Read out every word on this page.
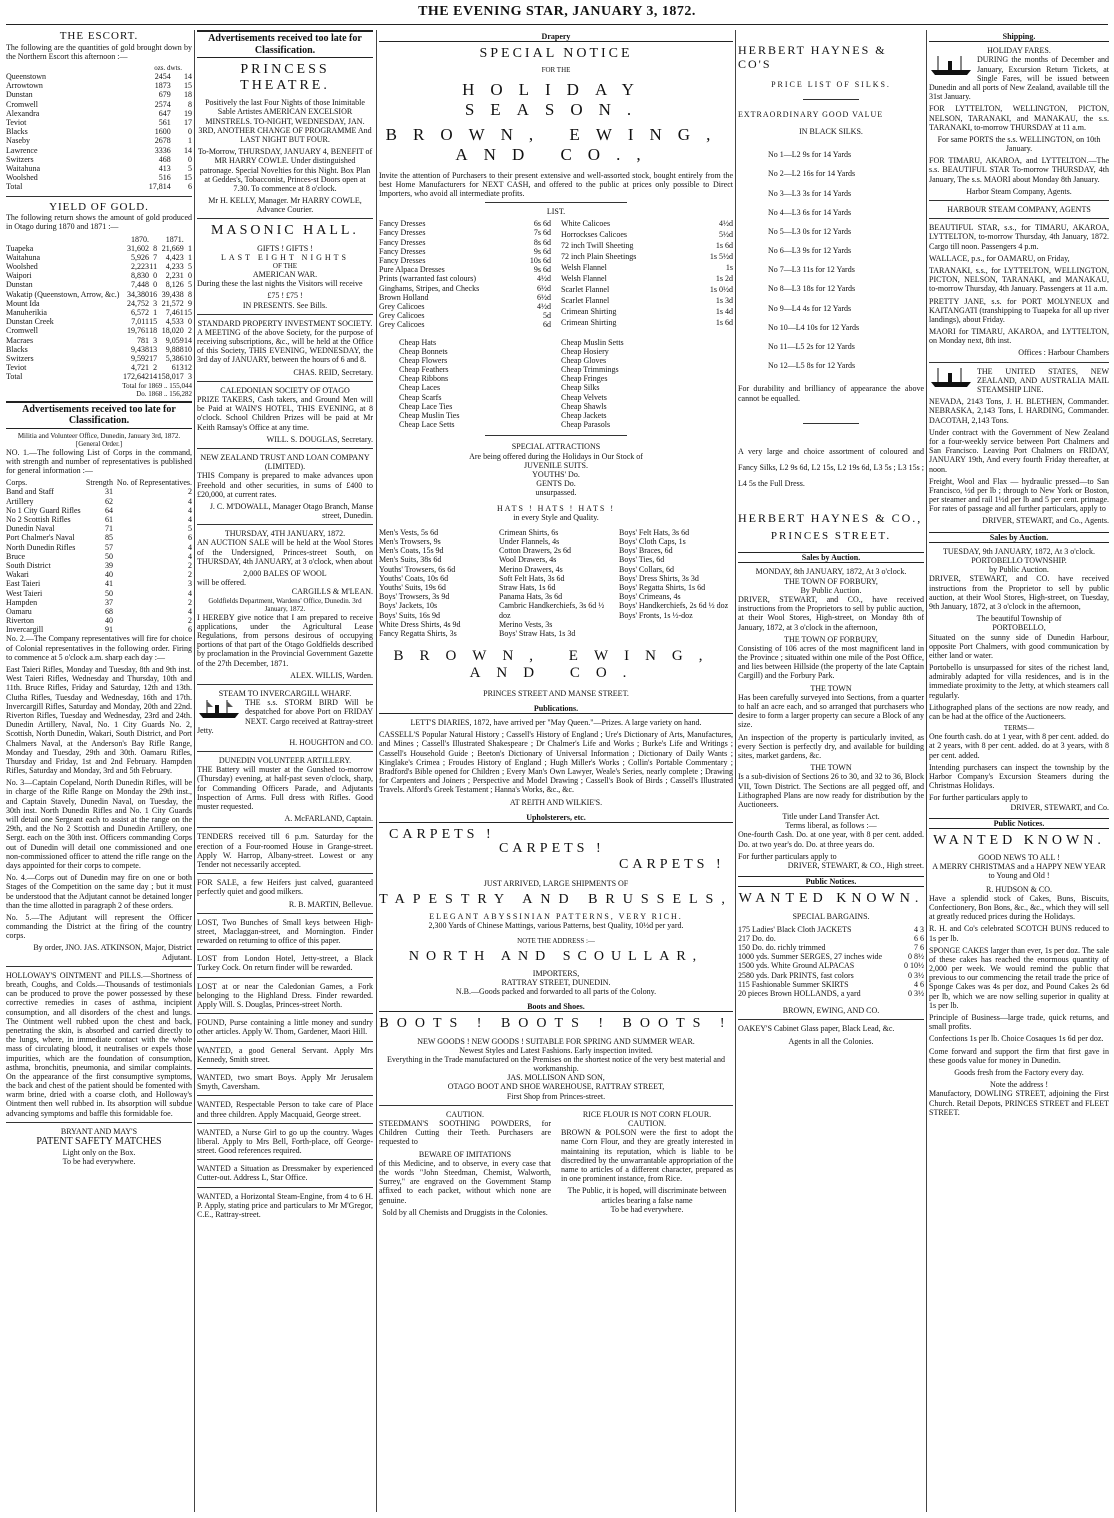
THE EVENING STAR, JANUARY 3, 1872.
THE ESCORT.

The following are the quantities of gold brought down by the Northern Escort this afternoon :—

ozs. dwts.
Queenstown	2454	14
Arrowtown	1873	15
Dunstan	679	18
Cromwell	2574	8
Alexandra	647	19
Teviot	561	17
Blacks	1600	0
Naseby	2678	1
Lawrence	3336	14
Switzers	468	0
Waitahuna	413	5
Woolshed	516	15
Total	17,814	6
YIELD OF GOLD.

The following return shows the amount of gold produced in Otago during 1870 and 1871 :—

	1870.		1871.	
Tuapeka	31,602	8	21,669	1
Waitahuna	5,926	7	4,423	1
Woolshed	2,223	11	4,233	5
Waipori	8,830	0	2,231	0
Dunstan	7,448	0	8,126	5
Wakatip (Queenstown, Arrow, &c.)	34,380	16	39,438	8
Mount Ida	24,752	3	21,572	9
Manuherikia	6,572	1	7,461	15
Dunstan Creek	7,011	15	4,533	0
Cromwell	19,761	18	18,020	2
Macraes	781	3	9,059	14
Blacks	9,438	13	9,888	10
Switzers	9,592	17	5,386	10
Teviot	4,721	2	613	12
Total	172,642	14	158,017	3
Total for 1869 .. 155,044
Do. 1868 .. 156,282
Advertisements received too late for Classification.
Militia and Volunteer Office, Dunedin, January 3rd, 1872. [General Order.]

NO. 1.—The following List of Corps in the command, with strength and number of representatives is published for general information :—

Corps.	Strength	No. of Representatives.
Band and Staff	31	2
Artillery	62	4
No 1 City Guard Rifles	64	4
No 2 Scottish Rifles	61	4
Dunedin Naval	71	5
Port Chalmer's Naval	85	6
North Dunedin Rifles	57	4
Bruce	50	4
South District	39	2
Wakari	40	2
East Taieri	41	3
West Taieri	50	4
Hampden	37	2
Oamaru	68	4
Riverton	40	2
Invercargill	91	6

No. 2.—The Company representatives will fire for choice of Colonial representatives in the following order. Firing to commence at 5 o'clock a.m. sharp each day :—

East Taieri Rifles, Monday and Tuesday, 8th and 9th inst. West Taieri Rifles, Wednesday and Thursday, 10th and 11th. Bruce Rifles, Friday and Saturday, 12th and 13th. Clutha Rifles, Tuesday and Wednesday, 16th and 17th. Invercargill Rifles, Saturday and Monday, 20th and 22nd. Riverton Rifles, Tuesday and Wednesday, 23rd and 24th. Dunedin Artillery, Naval, No. 1 City Guards No. 2, Scottish, North Dunedin, Wakari, South District, and Port Chalmers Naval, at the Anderson's Bay Rifle Range, Monday and Tuesday, 29th and 30th. Oamaru Rifles, Thursday and Friday, 1st and 2nd February. Hampden Rifles, Saturday and Monday, 3rd and 5th February.

No. 3—Captain Copeland, North Dunedin Rifles, will be in charge of the Rifle Range on Monday the 29th inst., and Captain Stavely, Dunedin Naval, on Tuesday, the 30th inst. North Dunedin Rifles and No. 1 City Guards will detail one Sergeant each to assist at the range on the 29th, and the No 2 Scottish and Dunedin Artillery, one Sergt. each on the 30th inst. Officers commanding Corps out of Dunedin will detail one commissioned and one non-commissioned officer to attend the rifle range on the days appointed for their corps to compete.

No. 4.—Corps out of Dunedin may fire on one or both Stages of the Competition on the same day ; but it must be understood that the Adjutant cannot be detained longer than the time allotted in paragraph 2 of these orders.

No. 5.—The Adjutant will represent the Officer commanding the District at the firing of the country corps.

By order, JNO. JAS. ATKINSON, Major, District Adjutant.

HOLLOWAY'S OINTMENT and PILLS.—Shortness of breath, Coughs, and Colds.—Thousands of testimonials can be produced to prove the power possessed by these corrective remedies in cases of asthma, incipient consumption, and all disorders of the chest and lungs. The Ointment well rubbed upon the chest and back, penetrating the skin, is absorbed and carried directly to the lungs, where, in immediate contact with the whole mass of circulating blood, it neutralises or expels those impurities, which are the foundation of consumption, asthma, bronchitis, pneumonia, and similar complaints. On the appearance of the first consumptive symptoms, the back and chest of the patient should be fomented with warm brine, dried with a coarse cloth, and Holloway's Ointment then well rubbed in. Its absorption will subdue advancing symptoms and baffle this formidable foe.

BRYANT AND MAY'S
PATENT SAFETY MATCHES
Light only on the Box.
To be had everywhere.
Advertisements received too late for Classification.
PRINCESS THEATRE.

Positively the last Four Nights of those Inimitable Sable Artistes AMERICAN EXCELSIOR MINSTRELS. TO-NIGHT, WEDNESDAY, JAN. 3RD, ANOTHER CHANGE OF PROGRAMME And LAST NIGHT BUT FOUR.

To-Morrow, THURSDAY, JANUARY 4, BENEFIT of MR HARRY COWLE. Under distinguished patronage. Special Novelties for this Night. Box Plan at Geddes's, Tobacconist, Princes-st Doors open at 7.30. To commence at 8 o'clock.

Mr H. KELLY, Manager. Mr HARRY COWLE, Advance Courier.
MASONIC HALL.
GIFTS ! GIFTS !
LAST EIGHT NIGHTS
OF THE
AMERICAN WAR.

During these the last nights the Visitors will receive

£75 ! £75 !
IN PRESENTS. See Bills.
STANDARD PROPERTY INVESTMENT SOCIETY.

A MEETING of the above Society, for the purpose of receiving subscriptions, &c., will be held at the Office of this Society, THIS EVENING, WEDNESDAY, the 3rd day of JANUARY, between the hours of 6 and 8.

CHAS. REID, Secretary.
CALEDONIAN SOCIETY OF OTAGO

PRIZE TAKERS, Cash takers, and Ground Men will be Paid at WAIN'S HOTEL, THIS EVENING, at 8 o'clock. School Children Prizes will be paid at Mr Keith Ramsay's Office at any time.

WILL. S. DOUGLAS, Secretary.
NEW ZEALAND TRUST AND LOAN COMPANY (LIMITED).

THIS Company is prepared to make advances upon Freehold and other securities, in sums of £400 to £20,000, at current rates.

J. C. M'DOWALL, Manager Otago Branch, Manse street, Dunedin.
THURSDAY, 4TH JANUARY, 1872.

AN AUCTION SALE will be held at the Wool Stores of the Undersigned, Princes-street South, on THURSDAY, 4th JANUARY, at 3 o'clock, when about

2,000 BALES OF WOOL
will be offered.
CARGILLS & M'LEAN.
Goldfields Department, Wardens' Office, Dunedin. 3rd January, 1872.

I HEREBY give notice that I am prepared to receive applications, under the Agricultural Lease Regulations, from persons desirous of occupying portions of that part of the Otago Goldfields described by proclamation in the Provincial Government Gazette of the 27th December, 1871.

ALEX. WILLIS, Warden.
STEAM TO INVERCARGILL WHARF.

THE s.s. STORM BIRD Will be despatched for above Port on FRIDAY NEXT. Cargo received at Rattray-street Jetty.

H. HOUGHTON and CO.
DUNEDIN VOLUNTEER ARTILLERY.

THE Battery will muster at the Gunshed to-morrow (Thursday) evening, at half-past seven o'clock, sharp, for Commanding Officers Parade, and Adjutants Inspection of Arms. Full dress with Rifles. Good muster requested.

A. McFARLAND, Captain.

TENDERS received till 6 p.m. Saturday for the erection of a Four-roomed House in Grange-street. Apply W. Harrop, Albany-street. Lowest or any Tender not necessarily accepted.

FOR SALE, a few Heifers just calved, guaranteed perfectly quiet and good milkers.

R. B. MARTIN, Bellevue.

LOST, Two Bunches of Small keys between High-street, Maclaggan-street, and Mornington. Finder rewarded on returning to office of this paper.

LOST from London Hotel, Jetty-street, a Black Turkey Cock. On return finder will be rewarded.

LOST at or near the Caledonian Games, a Fork belonging to the Highland Dress. Finder rewarded. Apply Will. S. Douglas, Princes-street North.

FOUND, Purse containing a little money and sundry other articles. Apply W. Thom, Gardener, Maori Hill.

WANTED, a good General Servant. Apply Mrs Kennedy, Smith street.

WANTED, two smart Boys. Apply Mr Jerusalem Smyth, Caversham.

WANTED, Respectable Person to take care of Place and three children. Apply Macquaid, George street.

WANTED, a Nurse Girl to go up the country. Wages liberal. Apply to Mrs Bell, Forth-place, off George-street. Good references required.

WANTED a Situation as Dressmaker by experienced Cutter-out. Address L, Star Office.

WANTED, a Horizontal Steam-Engine, from 4 to 6 H. P. Apply, stating price and particulars to Mr M'Gregor, C.E., Rattray-street.

Drapery
SPECIAL NOTICE
FOR THE
HOLIDAY SEASON.
BROWN, EWING, AND CO.,

Invite the attention of Purchasers to their present extensive and well-assorted stock, bought entirely from the best Home Manufacturers for NEXT CASH, and offered to the public at prices only possible to Direct Importers, who avoid all intermediate profits.

LIST.
Fancy Dresses	6s 6d
Fancy Dresses	7s 6d
Fancy Dresses	8s 6d
Fancy Dresses	9s 6d
Fancy Dresses	10s 6d
Pure Alpaca Dresses	9s 6d
Prints (warranted fast colours)	4½d
Ginghams, Stripes, and Checks	6½d
Brown Holland	6½d
Grey Calicoes	4½d
Grey Calicoes	5d
Grey Calicoes	6d
White Calicoes	4½d
Horrockses Calicoes	5½d
72 inch Twill Sheeting	1s 6d
72 inch Plain Sheetings	1s 5½d
Welsh Flannel	1s
Welsh Flannel	1s 2d
Scarlet Flannel	1s 0½d
Scarlet Flannel	1s 3d

Crimean Shirting	1s 4d
Crimean Shirting	1s 6d

Cheap Hats
Cheap Bonnets
Cheap Flowers
Cheap Feathers
Cheap Ribbons
Cheap Laces
Cheap Scarfs
Cheap Lace Ties
Cheap Muslin Ties
Cheap Lace Setts
Cheap Muslin Setts
Cheap Hosiery
Cheap Gloves
Cheap Trimmings
Cheap Fringes
Cheap Silks
Cheap Velvets
Cheap Shawls
Cheap Jackets
Cheap Parasols
SPECIAL ATTRACTIONS
Are being offered during the Holidays in Our Stock of
JUVENILE SUITS.
YOUTHS' Do.
GENTS Do.
unsurpassed.
HATS ! HATS ! HATS !
in every Style and Quality.
Men's Vests, 5s 6d
Men's Trowsers, 9s
Men's Coats, 15s 9d
Men's Suits, 38s 6d
Youths' Trowsers, 6s 6d
Youths' Coats, 10s 6d
Youths' Suits, 19s 6d
Boys' Trowsers, 3s 9d
Boys' Jackets, 10s
Boys' Suits, 16s 9d
White Dress Shirts, 4s 9d
Fancy Regatta Shirts, 3s
Crimean Shirts, 6s
Under Flannels, 4s
Cotton Drawers, 2s 6d
Wool Drawers, 4s
Merino Drawers, 4s
Soft Felt Hats, 3s 6d
Straw Hats, 1s 6d
Panama Hats, 3s 6d
Cambric Handkerchiefs, 3s 6d ½ doz
Merino Vests, 3s
Boys' Straw Hats, 1s 3d
Boys' Felt Hats, 3s 6d
Boys' Cloth Caps, 1s
Boys' Braces, 6d
Boys' Ties, 6d
Boys' Collars, 6d
Boys' Dress Shirts, 3s 3d
Boys' Regatta Shirts, 1s 6d
Boys' Crimeans, 4s
Boys' Handkerchiefs, 2s 6d ½ doz
Boys' Fronts, 1s ½-doz
BROWN, EWING, AND CO.
PRINCES STREET AND MANSE STREET.
Publications.

LETT'S DIARIES, 1872, have arrived per "May Queen."—Prizes. A large variety on hand.

CASSELL'S Popular Natural History ; Cassell's History of England ; Ure's Dictionary of Arts, Manufactures, and Mines ; Cassell's Illustrated Shakespeare ; Dr Chalmer's Life and Works ; Burke's Life and Writings ; Cassell's Household Guide ; Beeton's Dictionary of Universal Information ; Dictionary of Daily Wants ; Kinglake's Crimea ; Froudes History of England ; Hugh Miller's Works ; Collin's Portable Commentary ; Bradford's Bible opened for Children ; Every Man's Own Lawyer, Weale's Series, nearly complete ; Drawing for Carpenters and Joiners ; Perspective and Model Drawing ; Cassell's Book of Birds ; Cassell's Illustrated Travels. Alford's Greek Testament ; Hanna's Works, &c., &c.

AT REITH AND WILKIE'S.
Upholsterers, etc.
CARPETS !
CARPETS !
CARPETS !
JUST ARRIVED, LARGE SHIPMENTS OF
TAPESTRY AND BRUSSELS,
ELEGANT ABYSSINIAN PATTERNS, VERY RICH.
2,300 Yards of Chinese Mattings, various Patterns, best Quality, 10½d per yard.
NOTE THE ADDRESS :—
NORTH AND SCOULLAR,
IMPORTERS,
RATTRAY STREET, DUNEDIN.
N.B.—Goods packed and forwarded to all parts of the Colony.
Boots and Shoes.
BOOTS ! BOOTS ! BOOTS !
NEW GOODS ! NEW GOODS ! SUITABLE FOR SPRING AND SUMMER WEAR.
Newest Styles and Latest Fashions. Early inspection invited.
Everything in the Trade manufactured on the Premises on the shortest notice of the very best material and workmanship.
JAS. MOLLISON AND SON,
OTAGO BOOT AND SHOE WAREHOUSE, RATTRAY STREET,
First Shop from Princes-street.
CAUTION.

STEEDMAN'S SOOTHING POWDERS, for Children Cutting their Teeth. Purchasers are requested to

BEWARE OF IMITATIONS

of this Medicine, and to observe, in every case that the words "John Steedman, Chemist, Walworth, Surrey," are engraved on the Government Stamp affixed to each packet, without which none are genuine.

Sold by all Chemists and Druggists in the Colonies.
RICE FLOUR IS NOT CORN FLOUR.
CAUTION.

BROWN & POLSON were the first to adopt the name Corn Flour, and they are greatly interested in maintaining its reputation, which is liable to be discredited by the unwarrantable appropriation of the name to articles of a different character, prepared as in one prominent instance, from Rice.

The Public, it is hoped, will discriminate between articles bearing a false name
To be had everywhere.
HERBERT HAYNES & CO'S
PRICE LIST OF SILKS.
EXTRAORDINARY GOOD VALUE
IN BLACK SILKS.
No 1—L2 9s for 14 Yards
No 2—L2 16s for 14 Yards
No 3—L3 3s for 14 Yards
No 4—L3 6s for 14 Yards
No 5—L3 0s for 12 Yards
No 6—L3 9s for 12 Yards
No 7—L3 11s for 12 Yards
No 8—L3 18s for 12 Yards
No 9—L4 4s for 12 Yards
No 10—L4 10s for 12 Yards
No 11—L5 2s for 12 Yards
No 12—L5 8s for 12 Yards

For durability and brilliancy of appearance the above cannot be equalled.

A very large and choice assortment of coloured and Fancy Silks, L2 9s 6d, L2 15s, L2 19s 6d, L3 5s ; L3 15s ; L4 5s the Full Dress.

HERBERT HAYNES & CO.,
PRINCES STREET.
Sales by Auction.
MONDAY, 8th JANUARY, 1872, At 3 o'clock.
THE TOWN OF FORBURY,
By Public Auction.

DRIVER, STEWART, and CO., have received instructions from the Proprietors to sell by public auction, at their Wool Stores, High-street, on Monday 8th of January, 1872, at 3 o'clock in the afternoon,

THE TOWN OF FORBURY,

Consisting of 106 acres of the most magnificent land in the Province ; situated within one mile of the Post Office, and lies between Hillside (the property of the late Captain Cargill) and the Forbury Park.

THE TOWN

Has been carefully surveyed into Sections, from a quarter to half an acre each, and so arranged that purchasers who desire to form a larger property can secure a Block of any size.

An inspection of the property is particularly invited, as every Section is perfectly dry, and available for building sites, market gardens, &c.

THE TOWN

Is a sub-division of Sections 26 to 30, and 32 to 36, Block VII, Town District. The Sections are all pegged off, and Lithographed Plans are now ready for distribution by the Auctioneers.

Title under Land Transfer Act.
Terms liberal, as follows :—

One-fourth Cash. Do. at one year, with 8 per cent. added. Do. at two year's do. Do. at three years do.

For further particulars apply to
DRIVER, STEWART, & CO., High street.
Public Notices.
WANTED KNOWN.
SPECIAL BARGAINS.
175 Ladies' Black Cloth JACKETS	4 3
217 Do. do.	6 6
150 Do. do. richly trimmed	7 6
1000 yds. Summer SERGES, 27 inches wide	0 8½
1500 yds. White Ground ALPACAS	0 10½
2580 yds. Dark PRINTS, fast colors	0 3½
115 Fashionable Summer SKIRTS	4 6
20 pieces Brown HOLLANDS, a yard	0 3½
BROWN, EWING, AND CO.

OAKEY'S Cabinet Glass paper, Black Lead, &c.

Agents in all the Colonies.
Shipping.
HOLIDAY FARES.

DURING the months of December and January, Excursion Return Tickets, at Single Fares, will be issued between Dunedin and all ports of New Zealand, available till the 31st January.

FOR LYTTELTON, WELLINGTON, PICTON, NELSON, TARANAKI, and MANAKAU, the s.s. TARANAKI, to-morrow THURSDAY at 11 a.m.

For same PORTS the s.s. WELLINGTON, on 10th January.

FOR TIMARU, AKAROA, and LYTTELTON.—The s.s. BEAUTIFUL STAR To-morrow THURSDAY, 4th January, The s.s. MAORI about Monday 8th January.

Harbor Steam Company, Agents.
HARBOUR STEAM COMPANY, AGENTS

BEAUTIFUL STAR, s.s., for TIMARU, AKAROA, LYTTELTON, to-morrow Thursday, 4th January, 1872. Cargo till noon. Passengers 4 p.m.

WALLACE, p.s., for OAMARU, on Friday,

TARANAKI, s.s., for LYTTELTON, WELLINGTON, PICTON, NELSON, TARANAKI, and MANAKAU, to-morrow Thursday, 4th January. Passengers at 11 a.m.

PRETTY JANE, s.s. for PORT MOLYNEUX and KAITANGATI (transhipping to Tuapeka for all up river landings), about Friday.

MAORI for TIMARU, AKAROA, and LYTTELTON, on Monday next, 8th inst.

Offices : Harbour Chambers

THE UNITED STATES, NEW ZEALAND, AND AUSTRALIA MAIL STEAMSHIP LINE.

NEVADA, 2143 Tons, J. H. BLETHEN, Commander. NEBRASKA, 2,143 Tons, I. HARDING, Commander. DACOTAH, 2,143 Tons.

Under contract with the Government of New Zealand for a four-weekly service between Port Chalmers and San Francisco. Leaving Port Chalmers on FRIDAY, JANUARY 19th, And every fourth Friday thereafter, at noon.

Freight, Wool and Flax — hydraulic pressed—to San Francisco, ½d per lb ; through to New York or Boston, per steamer and rail 1½d per lb and 5 per cent. primage. For rates of passage and all further particulars, apply to

DRIVER, STEWART, and Co., Agents.
Sales by Auction.
TUESDAY, 9th JANUARY, 1872, At 3 o'clock.
PORTOBELLO TOWNSHIP.
by Public Auction.

DRIVER, STEWART, and CO. have received instructions from the Proprietor to sell by public auction, at their Wool Stores, High-street, on Tuesday, 9th January, 1872, at 3 o'clock in the afternoon,

The beautiful Township of
PORTOBELLO,

Situated on the sunny side of Dunedin Harbour, opposite Port Chalmers, with good communication by either land or water.

Portobello is unsurpassed for sites of the richest land, admirably adapted for villa residences, and is in the immediate proximity to the Jetty, at which steamers call regularly.

Lithographed plans of the sections are now ready, and can be had at the office of the Auctioneers.

TERMS—

One fourth cash. do at 1 year, with 8 per cent. added. do at 2 years, with 8 per cent. added. do at 3 years, with 8 per cent. added.

Intending purchasers can inspect the township by the Harbor Company's Excursion Steamers during the Christmas Holidays.

For further particulars apply to
DRIVER, STEWART, and Co.
Public Notices.
WANTED KNOWN.
GOOD NEWS TO ALL !
A MERRY CHRISTMAS and a HAPPY NEW YEAR to Young and Old !
R. HUDSON & CO.

Have a splendid stock of Cakes, Buns, Biscuits, Confectionery, Bon Bons, &c., &c., which they will sell at greatly reduced prices during the Holidays.

R. H. and Co's celebrated SCOTCH BUNS reduced to 1s per lb.

SPONGE CAKES larger than ever, 1s per doz. The sale of these cakes has reached the enormous quantity of 2,000 per week. We would remind the public that previous to our commencing the retail trade the price of Sponge Cakes was 4s per doz, and Pound Cakes 2s 6d per lb, which we are now selling superior in quality at 1s per lb.

Principle of Business—large trade, quick returns, and small profits.

Confections 1s per lb. Choice Cosaques 1s 6d per doz.

Come forward and support the firm that first gave in these goods value for money in Dunedin.

Goods fresh from the Factory every day.

Note the address !

Manufactory, DOWLING STREET, adjoining the First Church. Retail Depots, PRINCES STREET and FLEET STREET.
